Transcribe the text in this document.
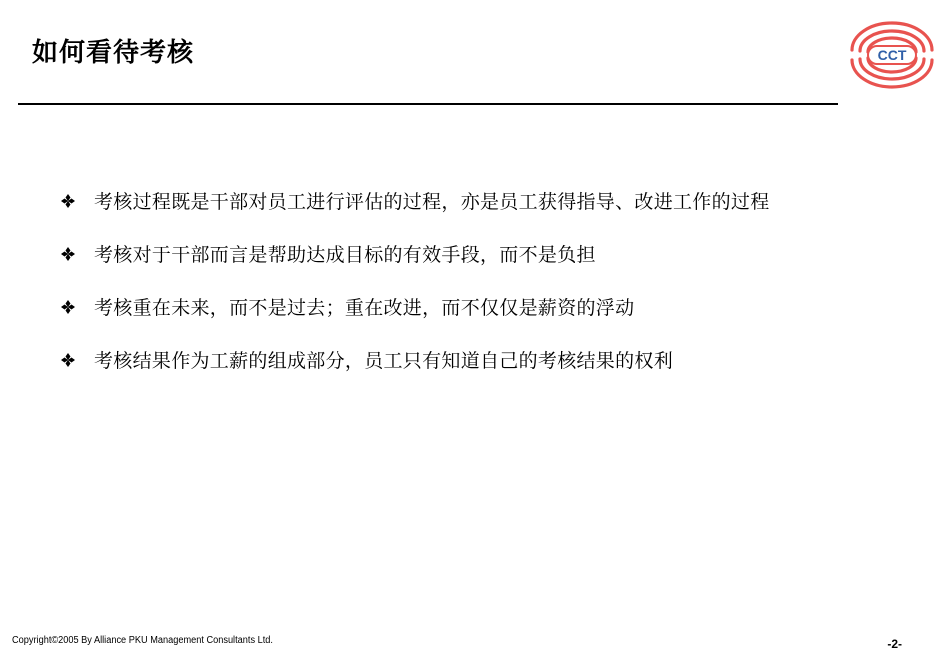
如何看待考核	CCT
考核过程既是干部对员工进行评估的过程，亦是员工获得指导、改进工作的过程
考核对于干部而言是帮助达成目标的有效手段，而不是负担
考核重在未来，而不是过去；重在改进，而不仅仅是薪资的浮动
考核结果作为工薪的组成部分，员工只有知道自己的考核结果的权利
Copyright©2005 By Alliance PKU Management Consultants Ltd.	-2-
